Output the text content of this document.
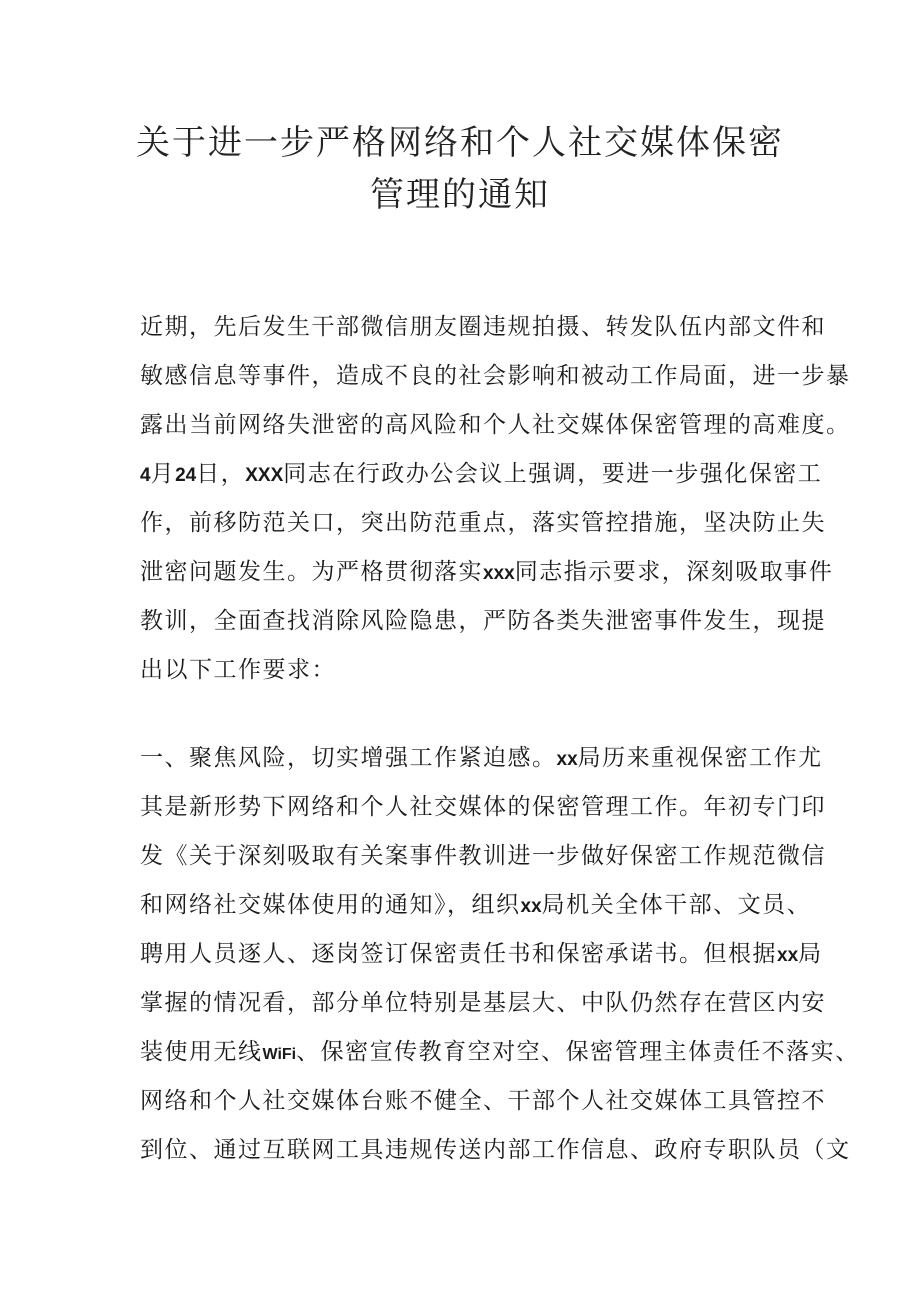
关于进一步严格网络和个人社交媒体保密
管理的通知
近期，先后发生干部微信朋友圈违规拍摄、转发队伍内部文件和
敏感信息等事件，造成不良的社会影响和被动工作局面，进一步暴
露出当前网络失泄密的高风险和个人社交媒体保密管理的高难度。
4月24日，XXX同志在行政办公会议上强调，要进一步强化保密工
作，前移防范关口，突出防范重点，落实管控措施，坚决防止失
泄密问题发生。为严格贯彻落实xxx同志指示要求，深刻吸取事件
教训，全面查找消除风险隐患，严防各类失泄密事件发生，现提
出以下工作要求：
一、聚焦风险，切实增强工作紧迫感。xx局历来重视保密工作尤
其是新形势下网络和个人社交媒体的保密管理工作。年初专门印
发《关于深刻吸取有关案事件教训进一步做好保密工作规范微信
和网络社交媒体使用的通知》，组织xx局机关全体干部、文员、
聘用人员逐人、逐岗签订保密责任书和保密承诺书。但根据xx局
掌握的情况看，部分单位特别是基层大、中队仍然存在营区内安
装使用无线WiFi、保密宣传教育空对空、保密管理主体责任不落实、
网络和个人社交媒体台账不健全、干部个人社交媒体工具管控不
到位、通过互联网工具违规传送内部工作信息、政府专职队员（文
